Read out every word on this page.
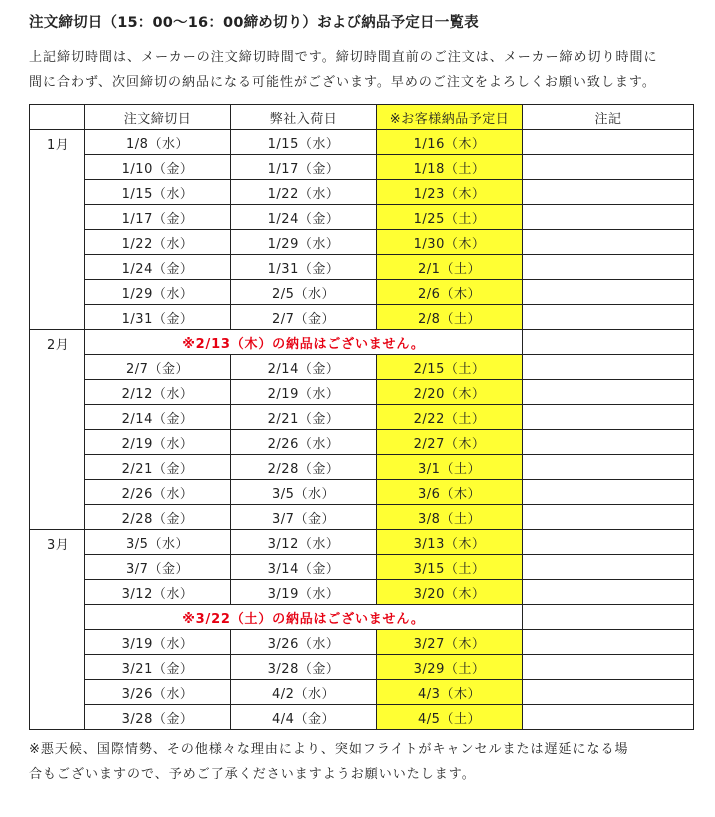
注文締切日（15：00〜16：00締め切り）および納品予定日一覧表

上記締切時間は、メーカーの注文締切時間です。締切時間直前のご注文は、メーカー締め切り時間に

間に合わず、次回締切の納品になる可能性がございます。早めのご注文をよろしくお願い致します。

	注文締切日	弊社入荷日	※お客様納品予定日	注記
1月	1/8（水）	1/15（水）	1/16（木）	
	1/10（金）	1/17（金）	1/18（土）	
	1/15（水）	1/22（水）	1/23（木）	
	1/17（金）	1/24（金）	1/25（土）	
	1/22（水）	1/29（水）	1/30（木）	
	1/24（金）	1/31（金）	2/1（土）	
	1/29（水）	2/5（水）	2/6（木）	
	1/31（金）	2/7（金）	2/8（土）	
2月	※2/13（木）の納品はございません。			
	2/7（金）	2/14（金）	2/15（土）	
	2/12（水）	2/19（水）	2/20（木）	
	2/14（金）	2/21（金）	2/22（土）	
	2/19（水）	2/26（水）	2/27（木）	
	2/21（金）	2/28（金）	3/1（土）	
	2/26（水）	3/5（水）	3/6（木）	
	2/28（金）	3/7（金）	3/8（土）	
3月	3/5（水）	3/12（水）	3/13（木）	
	3/7（金）	3/14（金）	3/15（土）	
	3/12（水）	3/19（水）	3/20（木）	
	※3/22（土）の納品はございません。			
	3/19（水）	3/26（水）	3/27（木）	
	3/21（金）	3/28（金）	3/29（土）	
	3/26（水）	4/2（水）	4/3（木）	
	3/28（金）	4/4（金）	4/5（土）	

※悪天候、国際情勢、その他様々な理由により、突如フライトがキャンセルまたは遅延になる場

合もございますので、予めご了承くださいますようお願いいたします。
